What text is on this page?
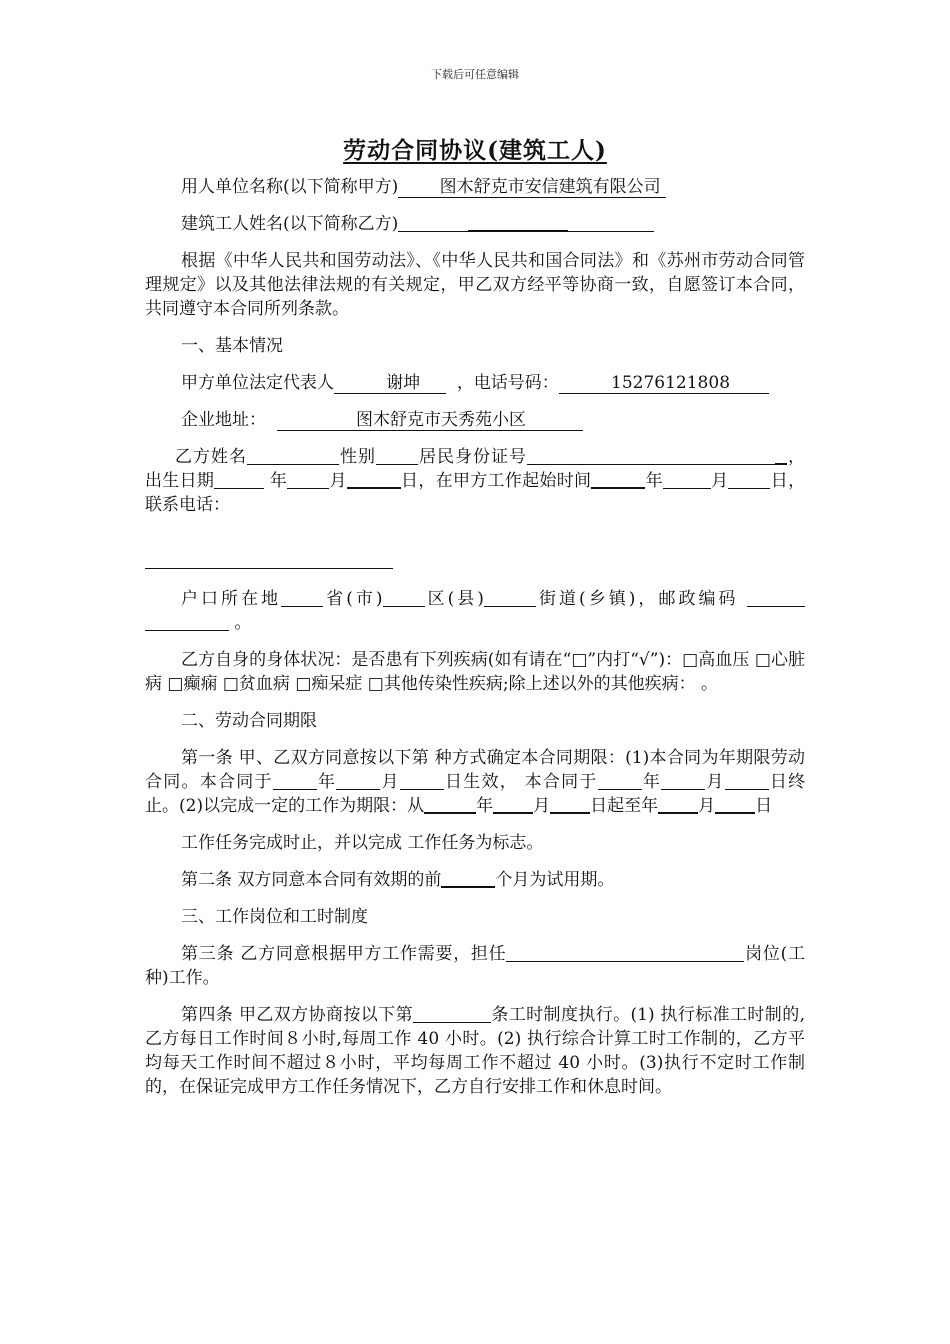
下载后可任意编辑
劳动合同协议(建筑工人)

用人单位名称(以下简称甲方) 图木舒克市安信建筑有限公司

建筑工人姓名(以下简称乙方)

根据《中华人民共和国劳动法》、《中华人民共和国合同法》和《苏州市劳动合同管理规定》以及其他法律法规的有关规定，甲乙双方经平等协商一致，自愿签订本合同，共同遵守本合同所列条款。

一、基本情况

甲方单位法定代表人	谢坤 ，电话号码：	15276121808

企业地址：	图木舒克市天秀苑小区

乙方姓名	性别 居民身份证号	，出生日期	年 月	日，在甲方工作起始时间	年	月 日，联系电话：

户口所在地 省(市) 区(县)	街道(乡镇)，邮政编码  。

乙方自身的身体状况：是否患有下列疾病(如有请在“□”内打“√”)：□高血压 □心脏病 □癫痫 □贫血病 □痴呆症 □其他传染性疾病;除上述以外的其他疾病： 。

二、劳动合同期限

第一条 甲、乙双方同意按以下第 种方式确定本合同期限：(1)本合同为年期限劳动合同。本合同于	年	月	日生效， 本合同于	年	月	日终止。(2)以完成一定的工作为期限：从	年 月 日起至年 月 日

工作任务完成时止，并以完成 工作任务为标志。

第二条 双方同意本合同有效期的前	个月为试用期。

三、工作岗位和工时制度

第三条 乙方同意根据甲方工作需要，担任	岗位(工种)工作。

第四条 甲乙双方协商按以下第	条工时制度执行。(1) 执行标准工时制的,乙方每日工作时间８小时,每周工作 40 小时。(2) 执行综合计算工时工作制的，乙方平均每天工作时间不超过８小时，平均每周工作不超过 40 小时。(3)执行不定时工作制的，在保证完成甲方工作任务情况下，乙方自行安排工作和休息时间。
